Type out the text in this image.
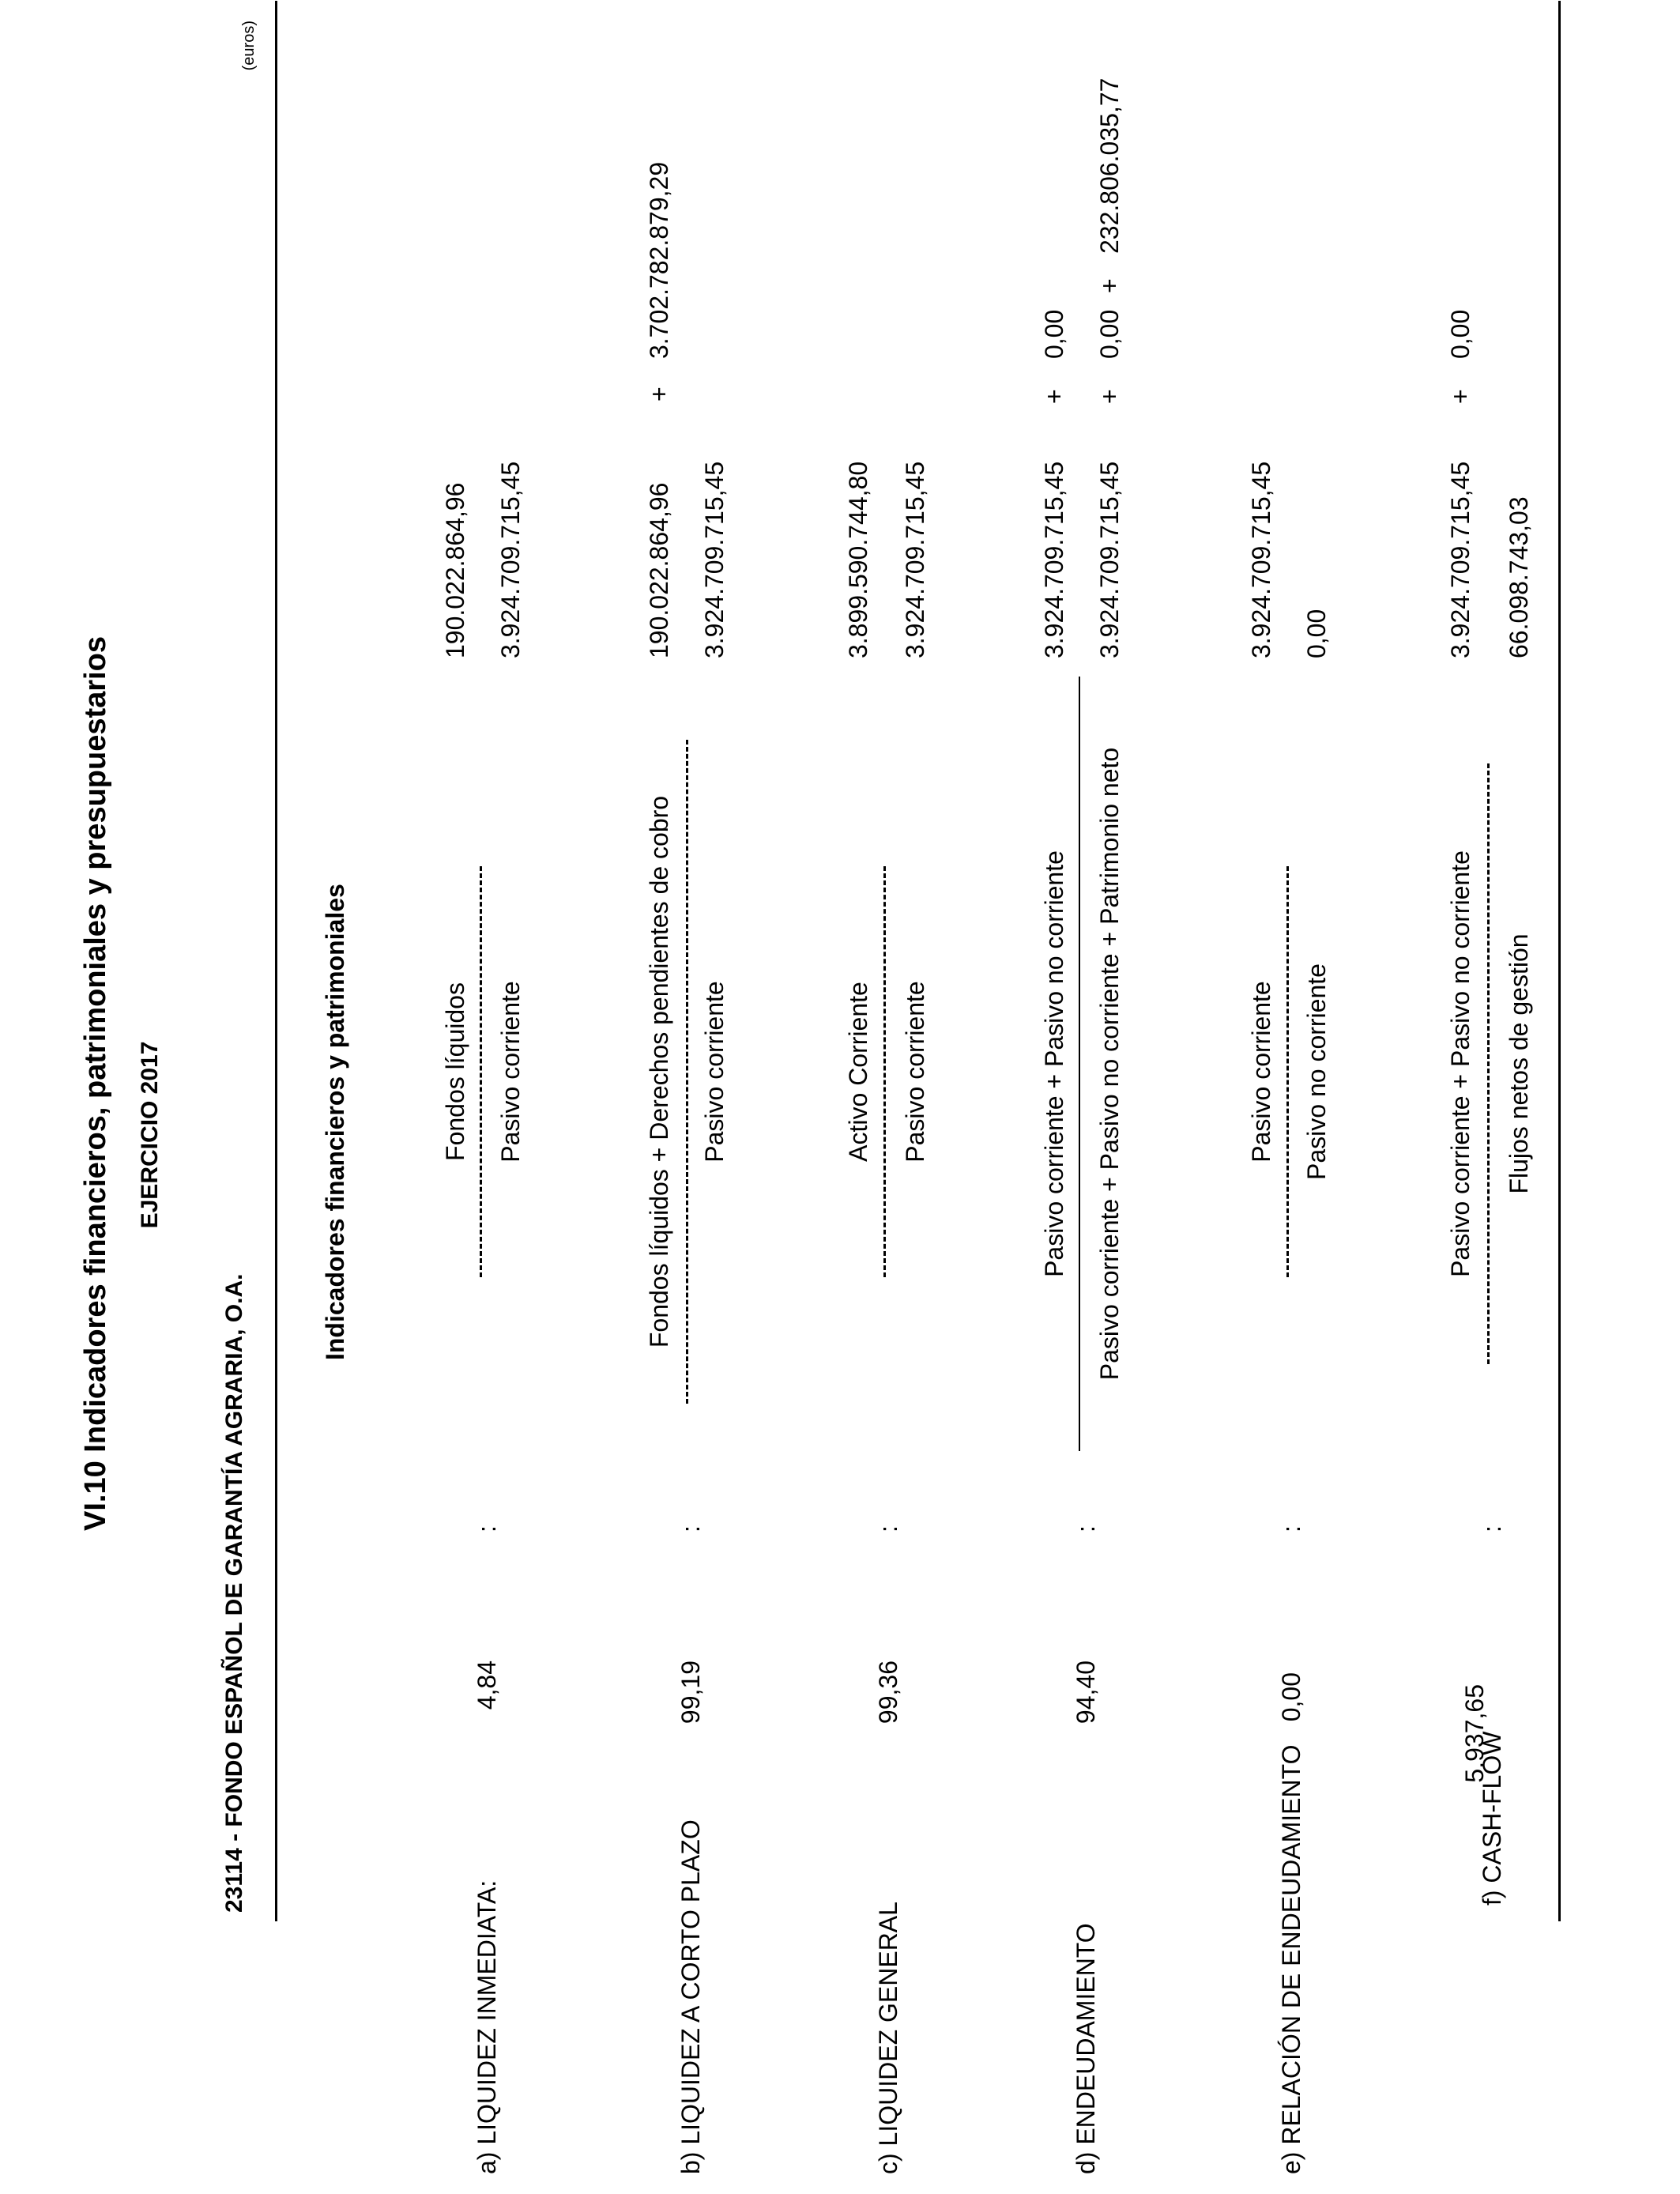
VI.10 Indicadores financieros, patrimoniales y presupuestarios EJERCICIO 2017
23114 - FONDO ESPAÑOL DE GARANTÍA AGRARIA, O.A.
(euros)
Indicadores financieros y patrimoniales
a) LIQUIDEZ INMEDIATA:
4,84
:
Fondos líquidos Pasivo corriente
190.022.864,96 3.924.709.715,45
b) LIQUIDEZ A CORTO PLAZO
99,19
:
Fondos líquidos + Derechos pendientes de cobro Pasivo corriente
190.022.864,96
+
3.702.782.879,29
3.924.709.715,45
c) LIQUIDEZ GENERAL
99,36
:
Activo Corriente Pasivo corriente
3.899.590.744,80 3.924.709.715,45
d) ENDEUDAMIENTO
94,40
:
Pasivo corriente + Pasivo no corriente Pasivo corriente + Pasivo no corriente + Patrimonio neto
3.924.709.715,45
+
0,00
3.924.709.715,45
+
0,00
+
232.806.035,77
e) RELACIÓN DE ENDEUDAMIENTO
0,00
:
Pasivo corriente Pasivo no corriente
3.924.709.715,45 0,00
f) CASH-FLOW
5.937,65
:
Pasivo corriente + Pasivo no corriente Flujos netos de gestión
3.924.709.715,45
+
0,00
66.098.743,03
